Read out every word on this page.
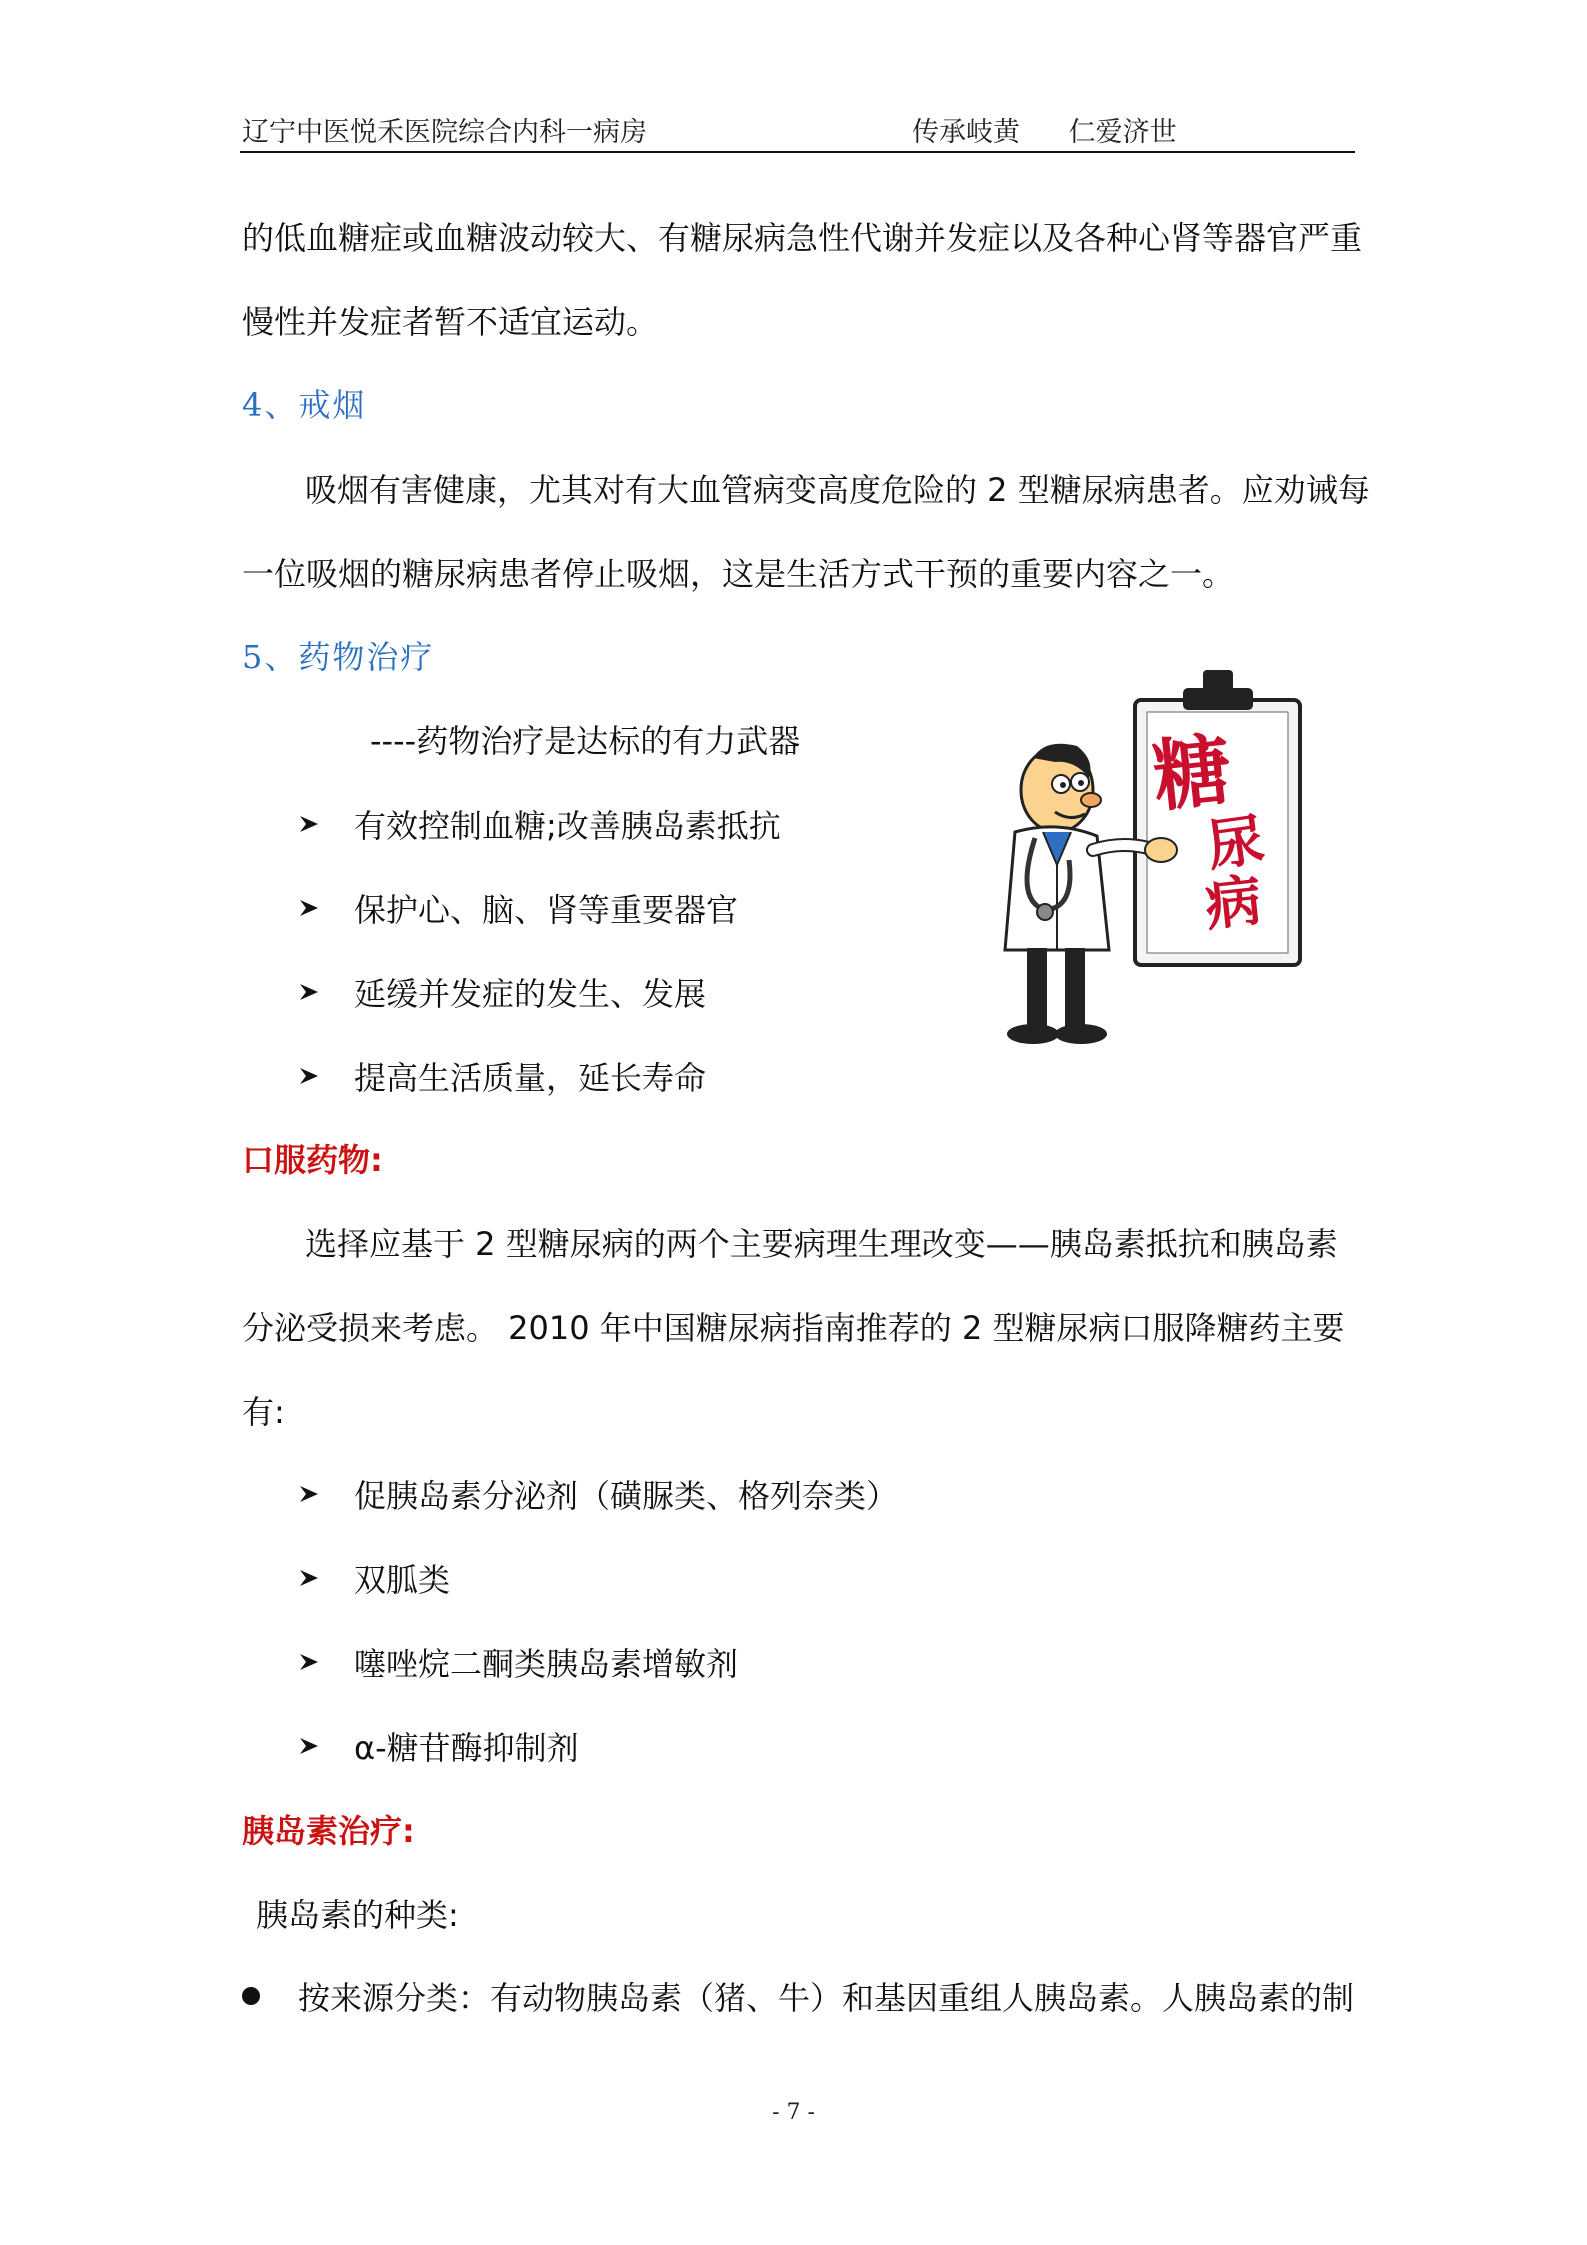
辽宁中医悦禾医院综合内科一病房	传承岐黄 仁爱济世
的低血糖症或血糖波动较大、有糖尿病急性代谢并发症以及各种心肾等器官严重
慢性并发症者暂不适宜运动。
4、戒烟
吸烟有害健康，尤其对有大血管病变高度危险的 2 型糖尿病患者。应劝诫每
一位吸烟的糖尿病患者停止吸烟，这是生活方式干预的重要内容之一。
5、药物治疗
----药物治疗是达标的有力武器
有效控制血糖;改善胰岛素抵抗
保护心、脑、肾等重要器官
延缓并发症的发生、发展
提高生活质量，延长寿命
糖
尿
病
口服药物:
选择应基于 2 型糖尿病的两个主要病理生理改变——胰岛素抵抗和胰岛素
分泌受损来考虑。 2010 年中国糖尿病指南推荐的 2 型糖尿病口服降糖药主要
有:
促胰岛素分泌剂（磺脲类、格列奈类）
双胍类
噻唑烷二酮类胰岛素增敏剂
α-糖苷酶抑制剂
胰岛素治疗:
胰岛素的种类:
按来源分类：有动物胰岛素（猪、牛）和基因重组人胰岛素。人胰岛素的制
- 7 -
